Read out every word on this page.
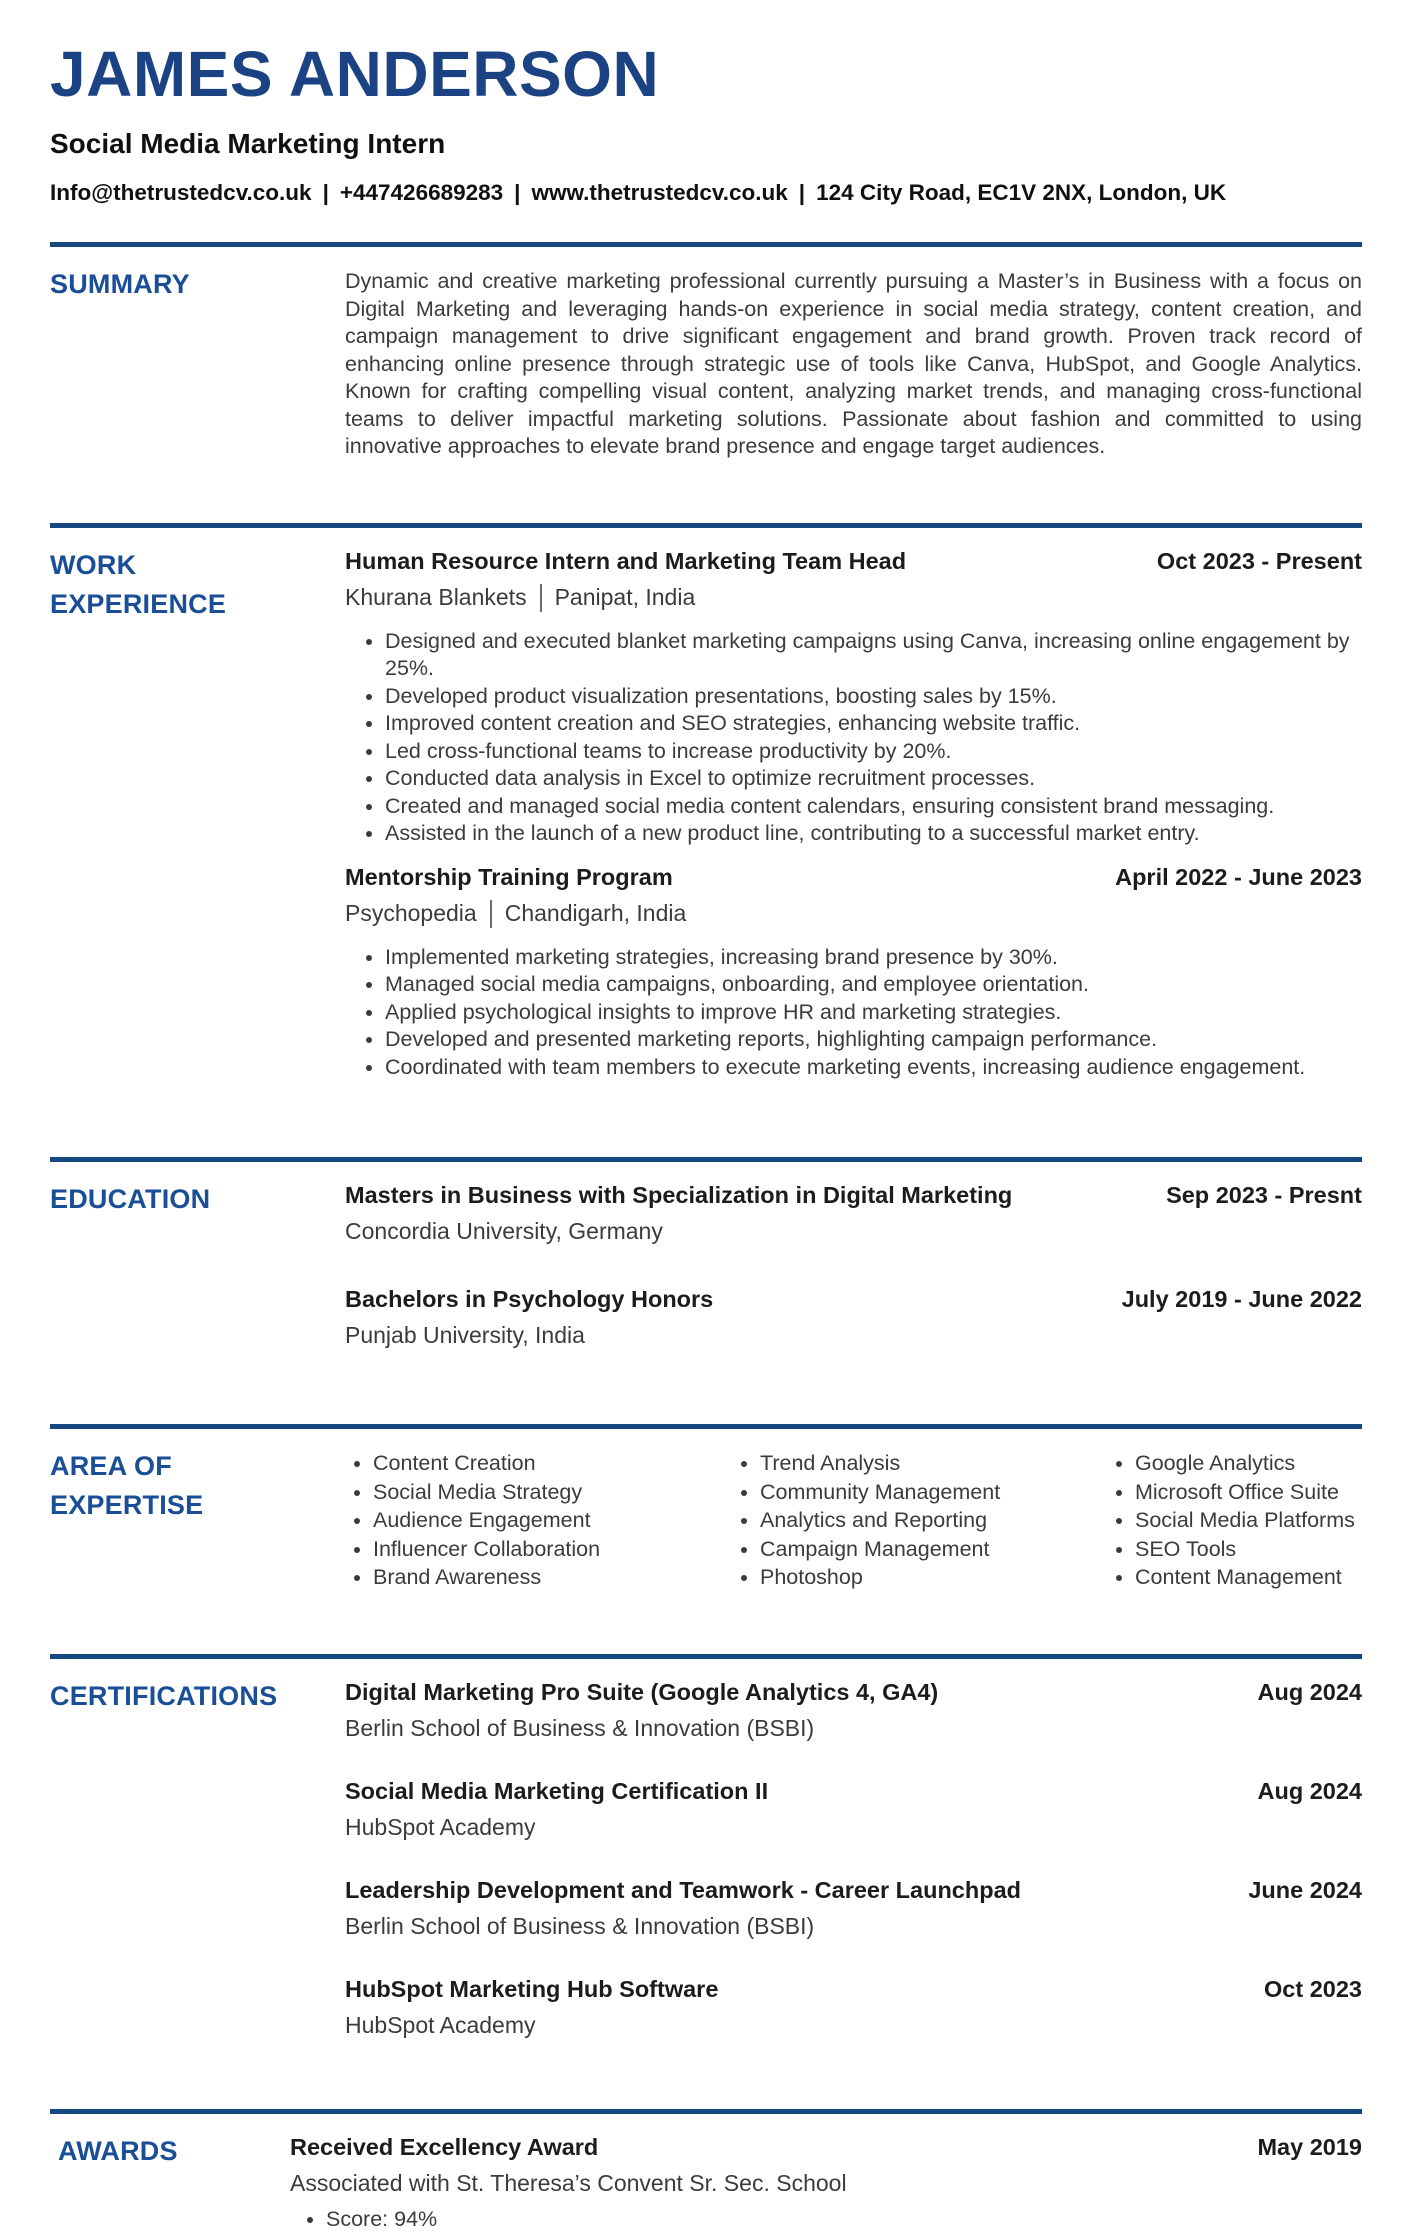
JAMES ANDERSON
Social Media Marketing Intern
Info@thetrustedcv.co.uk | +447426689283 | www.thetrustedcv.co.uk | 124 City Road, EC1V 2NX, London, UK
SUMMARY	Dynamic and creative marketing professional currently pursuing a Master’s in Business with a focus on Digital Marketing and leveraging hands-on experience in social media strategy, content creation, and campaign management to drive significant engagement and brand growth. Proven track record of enhancing online presence through strategic use of tools like Canva, HubSpot, and Google Analytics. Known for crafting compelling visual content, analyzing market trends, and managing cross-functional teams to deliver impactful marketing solutions. Passionate about fashion and committed to using innovative approaches to elevate brand presence and engage target audiences.

WORK EXPERIENCE
Human Resource Intern and Marketing Team Head	Oct 2023 - Present
Khurana Blankets Panipat, India
• Designed and executed blanket marketing campaigns using Canva, increasing online engagement by 25%.
• Developed product visualization presentations, boosting sales by 15%.
• Improved content creation and SEO strategies, enhancing website traffic.
• Led cross-functional teams to increase productivity by 20%.
• Conducted data analysis in Excel to optimize recruitment processes.
• Created and managed social media content calendars, ensuring consistent brand messaging.
• Assisted in the launch of a new product line, contributing to a successful market entry.
Mentorship Training Program	April 2022 - June 2023
Psychopedia Chandigarh, India
• Implemented marketing strategies, increasing brand presence by 30%.
• Managed social media campaigns, onboarding, and employee orientation.
• Applied psychological insights to improve HR and marketing strategies.
• Developed and presented marketing reports, highlighting campaign performance.
• Coordinated with team members to execute marketing events, increasing audience engagement.
EDUCATION	Masters in Business with Specialization in Digital Marketing	Sep 2023 - Presnt
Concordia University, Germany
Bachelors in Psychology Honors	July 2019 - June 2022
Punjab University, India
AREA OF EXPERTISE
• Content Creation
• Social Media Strategy
• Audience Engagement
• Influencer Collaboration
• Brand Awareness
• Trend Analysis
• Community Management
• Analytics and Reporting
• Campaign Management
• Photoshop
• Google Analytics
• Microsoft Office Suite
• Social Media Platforms
• SEO Tools
• Content Management
CERTIFICATIONS	Digital Marketing Pro Suite (Google Analytics 4, GA4)	Aug 2024
Berlin School of Business & Innovation (BSBI)
Social Media Marketing Certification II	Aug 2024
HubSpot Academy
Leadership Development and Teamwork - Career Launchpad	June 2024
Berlin School of Business & Innovation (BSBI)
HubSpot Marketing Hub Software	Oct 2023
HubSpot Academy
AWARDS	Received Excellency Award	May 2019
Associated with St. Theresa’s Convent Sr. Sec. School
• Score: 94%
